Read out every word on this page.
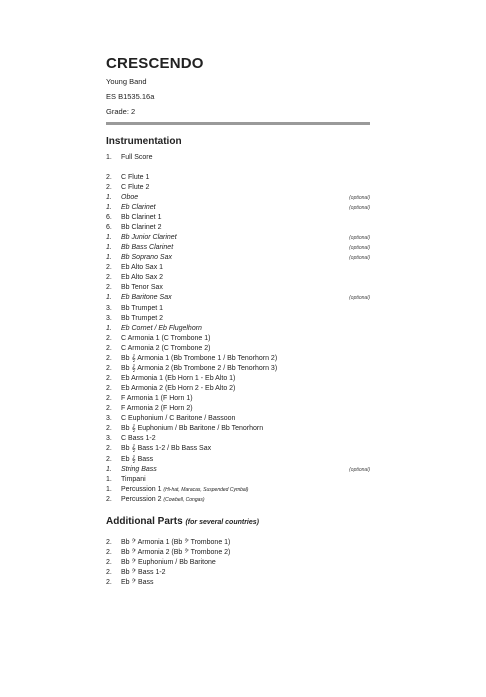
CRESCENDO
Young Band
ES B1535.16a
Grade: 2
Instrumentation
1. Full Score
2. C Flute 1
2. C Flute 2
1. Oboe	(optional)
1. Eb Clarinet	(optional)
6. Bb Clarinet 1
6. Bb Clarinet 2
1. Bb Junior Clarinet	(optional)
1. Bb Bass Clarinet	(optional)
1. Bb Soprano Sax	(optional)
2. Eb Alto Sax 1
2. Eb Alto Sax 2
2. Bb Tenor Sax
1. Eb Baritone Sax	(optional)
3. Bb Trumpet 1
3. Bb Trumpet 2
1. Eb Cornet / Eb Flugelhorn
2. C Armonia 1 (C Trombone 1)
2. C Armonia 2 (C Trombone 2)
2. Bb 𝄞 Armonia 1 (Bb Trombone 1 / Bb Tenorhorn 2)
2. Bb 𝄞 Armonia 2 (Bb Trombone 2 / Bb Tenorhorn 3)
2. Eb Armonia 1 (Eb Horn 1 - Eb Alto 1)
2. Eb Armonia 2 (Eb Horn 2 - Eb Alto 2)
2. F Armonia 1 (F Horn 1)
2. F Armonia 2 (F Horn 2)
3. C Euphonium / C Baritone / Bassoon
2. Bb 𝄞 Euphonium / Bb Baritone / Bb Tenorhorn
3. C Bass 1-2
2. Bb 𝄞 Bass 1-2 / Bb Bass Sax
2. Eb 𝄞 Bass
1. String Bass	(optional)
1. Timpani
1. Percussion 1 (Hi-hat, Maracas, Suspended Cymbal)
2. Percussion 2 (Cowbell, Congas)
Additional Parts (for several countries)
2. Bb 𝄢 Armonia 1 (Bb 𝄢 Trombone 1)
2. Bb 𝄢 Armonia 2 (Bb 𝄢 Trombone 2)
2. Bb 𝄢 Euphonium / Bb Baritone
2. Bb 𝄢 Bass 1-2
2. Eb 𝄢 Bass
